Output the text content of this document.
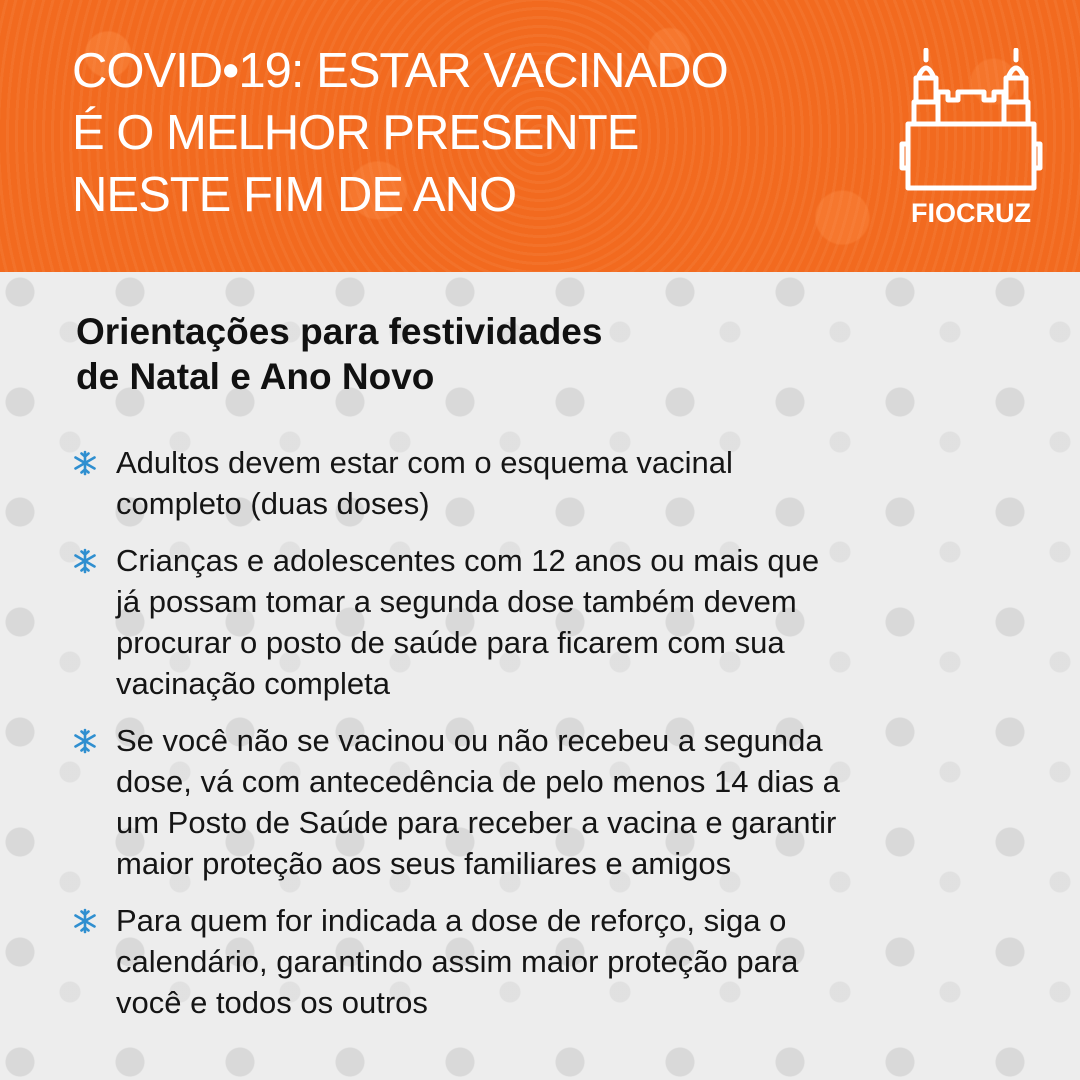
COVID•19: ESTAR VACINADO
É O MELHOR PRESENTE
NESTE FIM DE ANO	FIOCRUZ
Orientações para festividades
de Natal e Ano Novo
Adultos devem estar com o esquema vacinal
completo (duas doses)
Crianças e adolescentes com 12 anos ou mais que
já possam tomar a segunda dose também devem
procurar o posto de saúde para ficarem com sua
vacinação completa
Se você não se vacinou ou não recebeu a segunda
dose, vá com antecedência de pelo menos 14 dias a
um Posto de Saúde para receber a vacina e garantir
maior proteção aos seus familiares e amigos
Para quem for indicada a dose de reforço, siga o
calendário, garantindo assim maior proteção para
você e todos os outros
